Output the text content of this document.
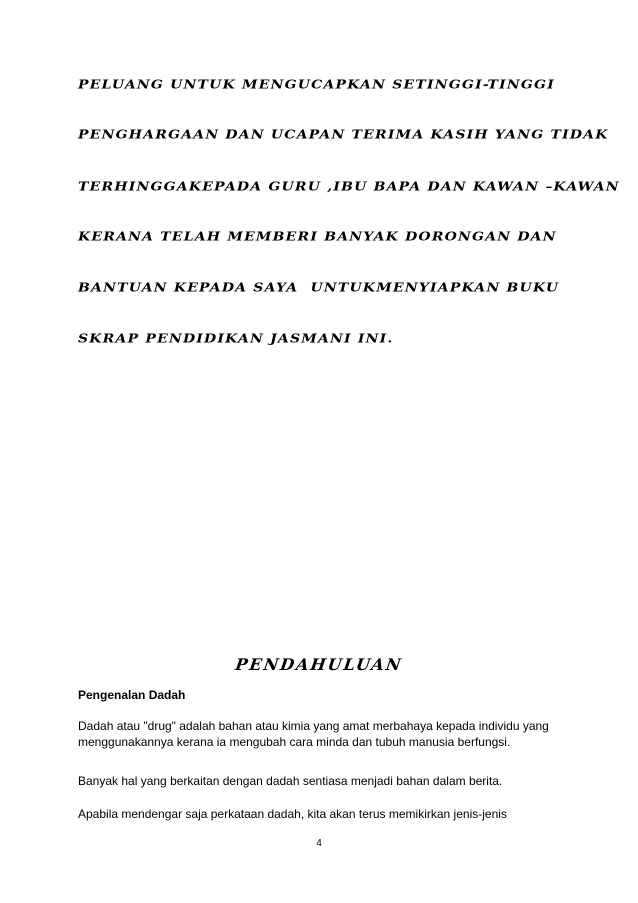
PELUANG UNTUK MENGUCAPKAN SETINGGI-TINGGI

PENGHARGAAN DAN UCAPAN TERIMA KASIH YANG TIDAK

TERHINGGAKEPADA GURU ,IBU BAPA DAN KAWAN –KAWAN

KERANA TELAH MEMBERI BANYAK DORONGAN DAN

BANTUAN KEPADA SAYA  UNTUKMENYIAPKAN BUKU

SKRAP PENDIDIKAN JASMANI INI.

PENDAHULUAN
Pengenalan Dadah

Dadah atau "drug" adalah bahan atau kimia yang amat merbahaya kepada individu yang menggunakannya kerana ia mengubah cara minda dan tubuh manusia berfungsi.

Banyak hal yang berkaitan dengan dadah sentiasa menjadi bahan dalam berita.

Apabila mendengar saja perkataan dadah, kita akan terus memikirkan jenis-jenis

4
